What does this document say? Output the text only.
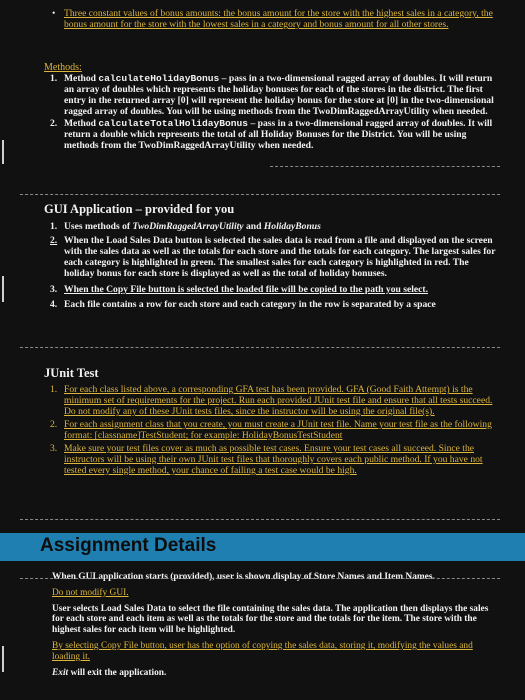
• Three constant values of bonus amounts: the bonus amount for the store with the highest sales in a category, the bonus amount for the store with the lowest sales in a category and bonus amount for all other stores.
Methods:
1. Method calculateHolidayBonus – pass in a two-dimensional ragged array of doubles. It will return an array of doubles which represents the holiday bonuses for each of the stores in the district. The first entry in the returned array [0] will represent the holiday bonus for the store at [0] in the two-dimensional ragged array of doubles. You will be using methods from the TwoDimRaggedArrayUtility when needed.
2. Method calculateTotalHolidayBonus – pass in a two-dimensional ragged array of doubles. It will return a double which represents the total of all Holiday Bonuses for the District. You will be using methods from the TwoDimRaggedArrayUtility when needed.
GUI Application – provided for you
1. Uses methods of TwoDimRaggedArrayUtility and HolidayBonus
2. When the Load Sales Data button is selected the sales data is read from a file and displayed on the screen with the sales data as well as the totals for each store and the totals for each category. The largest sales for each category is highlighted in green. The smallest sales for each category is highlighted in red. The holiday bonus for each store is displayed as well as the total of holiday bonuses.
3. When the Copy File button is selected the loaded file will be copied to the path you select.
4. Each file contains a row for each store and each category in the row is separated by a space
JUnit Test
1. For each class listed above, a corresponding GFA test has been provided. GFA (Good Faith Attempt) is the minimum set of requirements for the project. Run each provided JUnit test file and ensure that all tests succeed. Do not modify any of these JUnit tests files, since the instructor will be using the original file(s).
2. For each assignment class that you create, you must create a JUnit test file. Name your test file as the following format: [classname]TestStudent; for example: HolidayBonusTestStudent
3. Make sure your test files cover as much as possible test cases. Ensure your test cases all succeed. Since the instructors will be using their own JUnit test files that thoroughly covers each public method. If you have not tested every single method, your chance of failing a test case would be high.
Assignment Details

When GUI application starts (provided), user is shown display of Store Names and Item Names.

Do not modify GUI.

User selects Load Sales Data to select the file containing the sales data. The application then displays the sales for each store and each item as well as the totals for the store and the totals for the item. The store with the highest sales for each item will be highlighted.

By selecting Copy File button, user has the option of copying the sales data, storing it, modifying the values and loading it.

Exit will exit the application.
